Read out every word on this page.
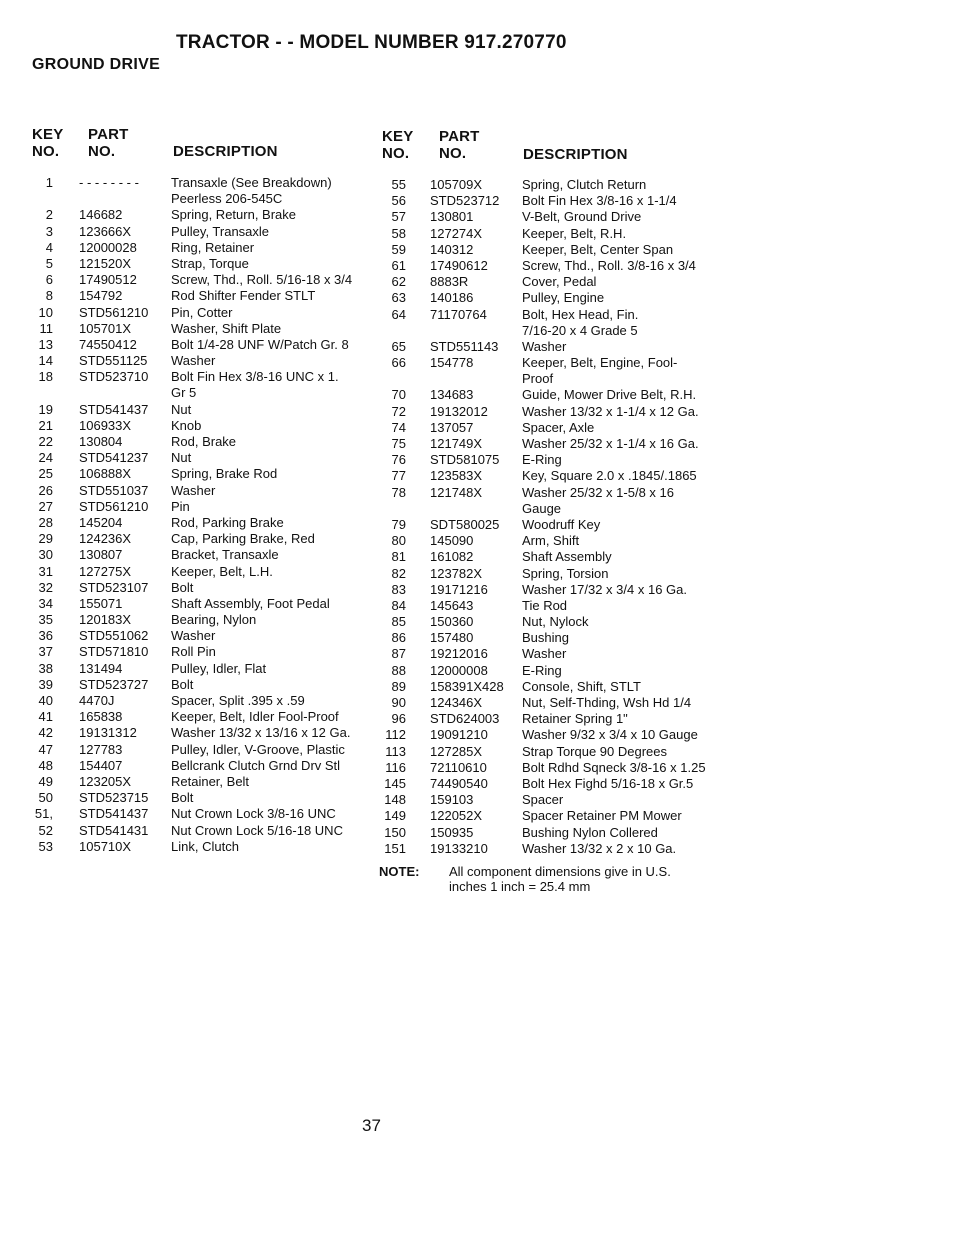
TRACTOR - - MODEL NUMBER 917.270770
GROUND DRIVE
KEY
NO.
PART
NO.	DESCRIPTION
KEY
NO.
PART
NO.	DESCRIPTION
1 - - - - - - - - Transaxle (See Breakdown)
Peerless 206-545C
2 146682	Spring, Return, Brake
3 123666X	Pulley, Transaxle
4 12000028	Ring, Retainer
5 121520X	Strap, Torque
6 17490512	Screw, Thd., Roll. 5/16-18 x 3/4
8 154792	Rod Shifter Fender STLT
10 STD561210 Pin, Cotter
11 105701X	Washer, Shift Plate
13 74550412	Bolt 1/4-28 UNF W/Patch Gr. 8
14 STD551125 Washer
18 STD523710 Bolt Fin Hex 3/8-16 UNC x 1.
Gr 5
19 STD541437 Nut
21 106933X	Knob
22 130804	Rod, Brake
24 STD541237 Nut
25 106888X	Spring, Brake Rod
26 STD551037 Washer
27 STD561210 Pin
28 145204	Rod, Parking Brake
29 124236X	Cap, Parking Brake, Red
30 130807	Bracket, Transaxle
31 127275X	Keeper, Belt, L.H.
32 STD523107 Bolt
34 155071	Shaft Assembly, Foot Pedal
35 120183X	Bearing, Nylon
36 STD551062 Washer
37 STD571810 Roll Pin
38 131494	Pulley, Idler, Flat
39 STD523727 Bolt
40 4470J	Spacer, Split .395 x .59
41 165838	Keeper, Belt, Idler Fool-Proof
42 19131312	Washer 13/32 x 13/16 x 12 Ga.
47 127783	Pulley, Idler, V-Groove, Plastic
48 154407	Bellcrank Clutch Grnd Drv Stl
49 123205X	Retainer, Belt
50 STD523715 Bolt
51, STD541437 Nut Crown Lock 3/8-16 UNC
52 STD541431 Nut Crown Lock 5/16-18 UNC
53 105710X	Link, Clutch
55 105709X	Spring, Clutch Return
56 STD523712 Bolt Fin Hex 3/8-16 x 1-1/4
57 130801	V-Belt, Ground Drive
58 127274X	Keeper, Belt, R.H.
59 140312	Keeper, Belt, Center Span
61 17490612	Screw, Thd., Roll. 3/8-16 x 3/4
62 8883R	Cover, Pedal
63 140186	Pulley, Engine
64 71170764	Bolt, Hex Head, Fin.
7/16-20 x 4 Grade 5
65 STD551143 Washer
66 154778	Keeper, Belt, Engine, Fool-
Proof
70 134683	Guide, Mower Drive Belt, R.H.
72 19132012	Washer 13/32 x 1-1/4 x 12 Ga.
74 137057	Spacer, Axle
75 121749X	Washer 25/32 x 1-1/4 x 16 Ga.
76 STD581075 E-Ring
77 123583X	Key, Square 2.0 x .1845/.1865
78 121748X	Washer 25/32 x 1-5/8 x 16
Gauge
79 SDT580025 Woodruff Key
80 145090	Arm, Shift
81 161082	Shaft Assembly
82 123782X	Spring, Torsion
83 19171216	Washer 17/32 x 3/4 x 16 Ga.
84 145643	Tie Rod
85 150360	Nut, Nylock
86 157480	Bushing
87 19212016	Washer
88 12000008	E-Ring
89 158391X428 Console, Shift, STLT
90 124346X	Nut, Self-Thding, Wsh Hd 1/4
96 STD624003 Retainer Spring 1"
112 19091210	Washer 9/32 x 3/4 x 10 Gauge
113 127285X	Strap Torque 90 Degrees
116 72110610	Bolt Rdhd Sqneck 3/8-16 x 1.25
145 74490540	Bolt Hex Fighd 5/16-18 x Gr.5
148 159103	Spacer
149 122052X	Spacer Retainer PM Mower
150 150935	Bushing Nylon Collered
151 19133210	Washer 13/32 x 2 x 10 Ga.
NOTE: All component dimensions give in U.S.
inches 1 inch = 25.4 mm
37
